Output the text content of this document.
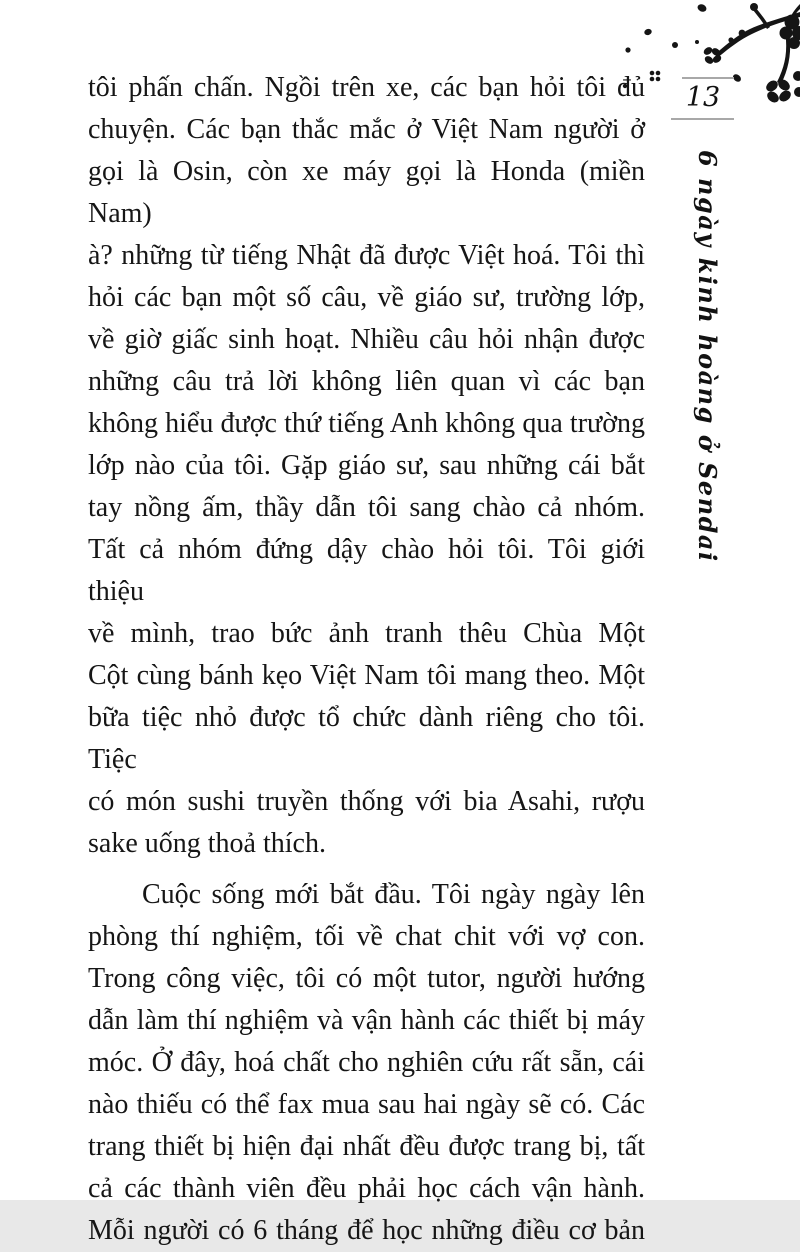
13
6 ngày kinh hoàng ở Sendai
tôi phấn chấn. Ngồi trên xe, các bạn hỏi tôi đủ
chuyện. Các bạn thắc mắc ở Việt Nam người ở
gọi là Osin, còn xe máy gọi là Honda (miền Nam)
à? những từ tiếng Nhật đã được Việt hoá. Tôi thì
hỏi các bạn một số câu, về giáo sư, trường lớp,
về giờ giấc sinh hoạt. Nhiều câu hỏi nhận được
những câu trả lời không liên quan vì các bạn
không hiểu được thứ tiếng Anh không qua trường
lớp nào của tôi. Gặp giáo sư, sau những cái bắt
tay nồng ấm, thầy dẫn tôi sang chào cả nhóm.
Tất cả nhóm đứng dậy chào hỏi tôi. Tôi giới thiệu
về mình, trao bức ảnh tranh thêu Chùa Một
Cột cùng bánh kẹo Việt Nam tôi mang theo. Một
bữa tiệc nhỏ được tổ chức dành riêng cho tôi. Tiệc
có món sushi truyền thống với bia Asahi, rượu
sake uống thoả thích.
Cuộc sống mới bắt đầu. Tôi ngày ngày lên
phòng thí nghiệm, tối về chat chit với vợ con.
Trong công việc, tôi có một tutor, người hướng
dẫn làm thí nghiệm và vận hành các thiết bị máy
móc. Ở đây, hoá chất cho nghiên cứu rất sẵn, cái
nào thiếu có thể fax mua sau hai ngày sẽ có. Các
trang thiết bị hiện đại nhất đều được trang bị, tất
cả các thành viên đều phải học cách vận hành.
Mỗi người có 6 tháng để học những điều cơ bản
